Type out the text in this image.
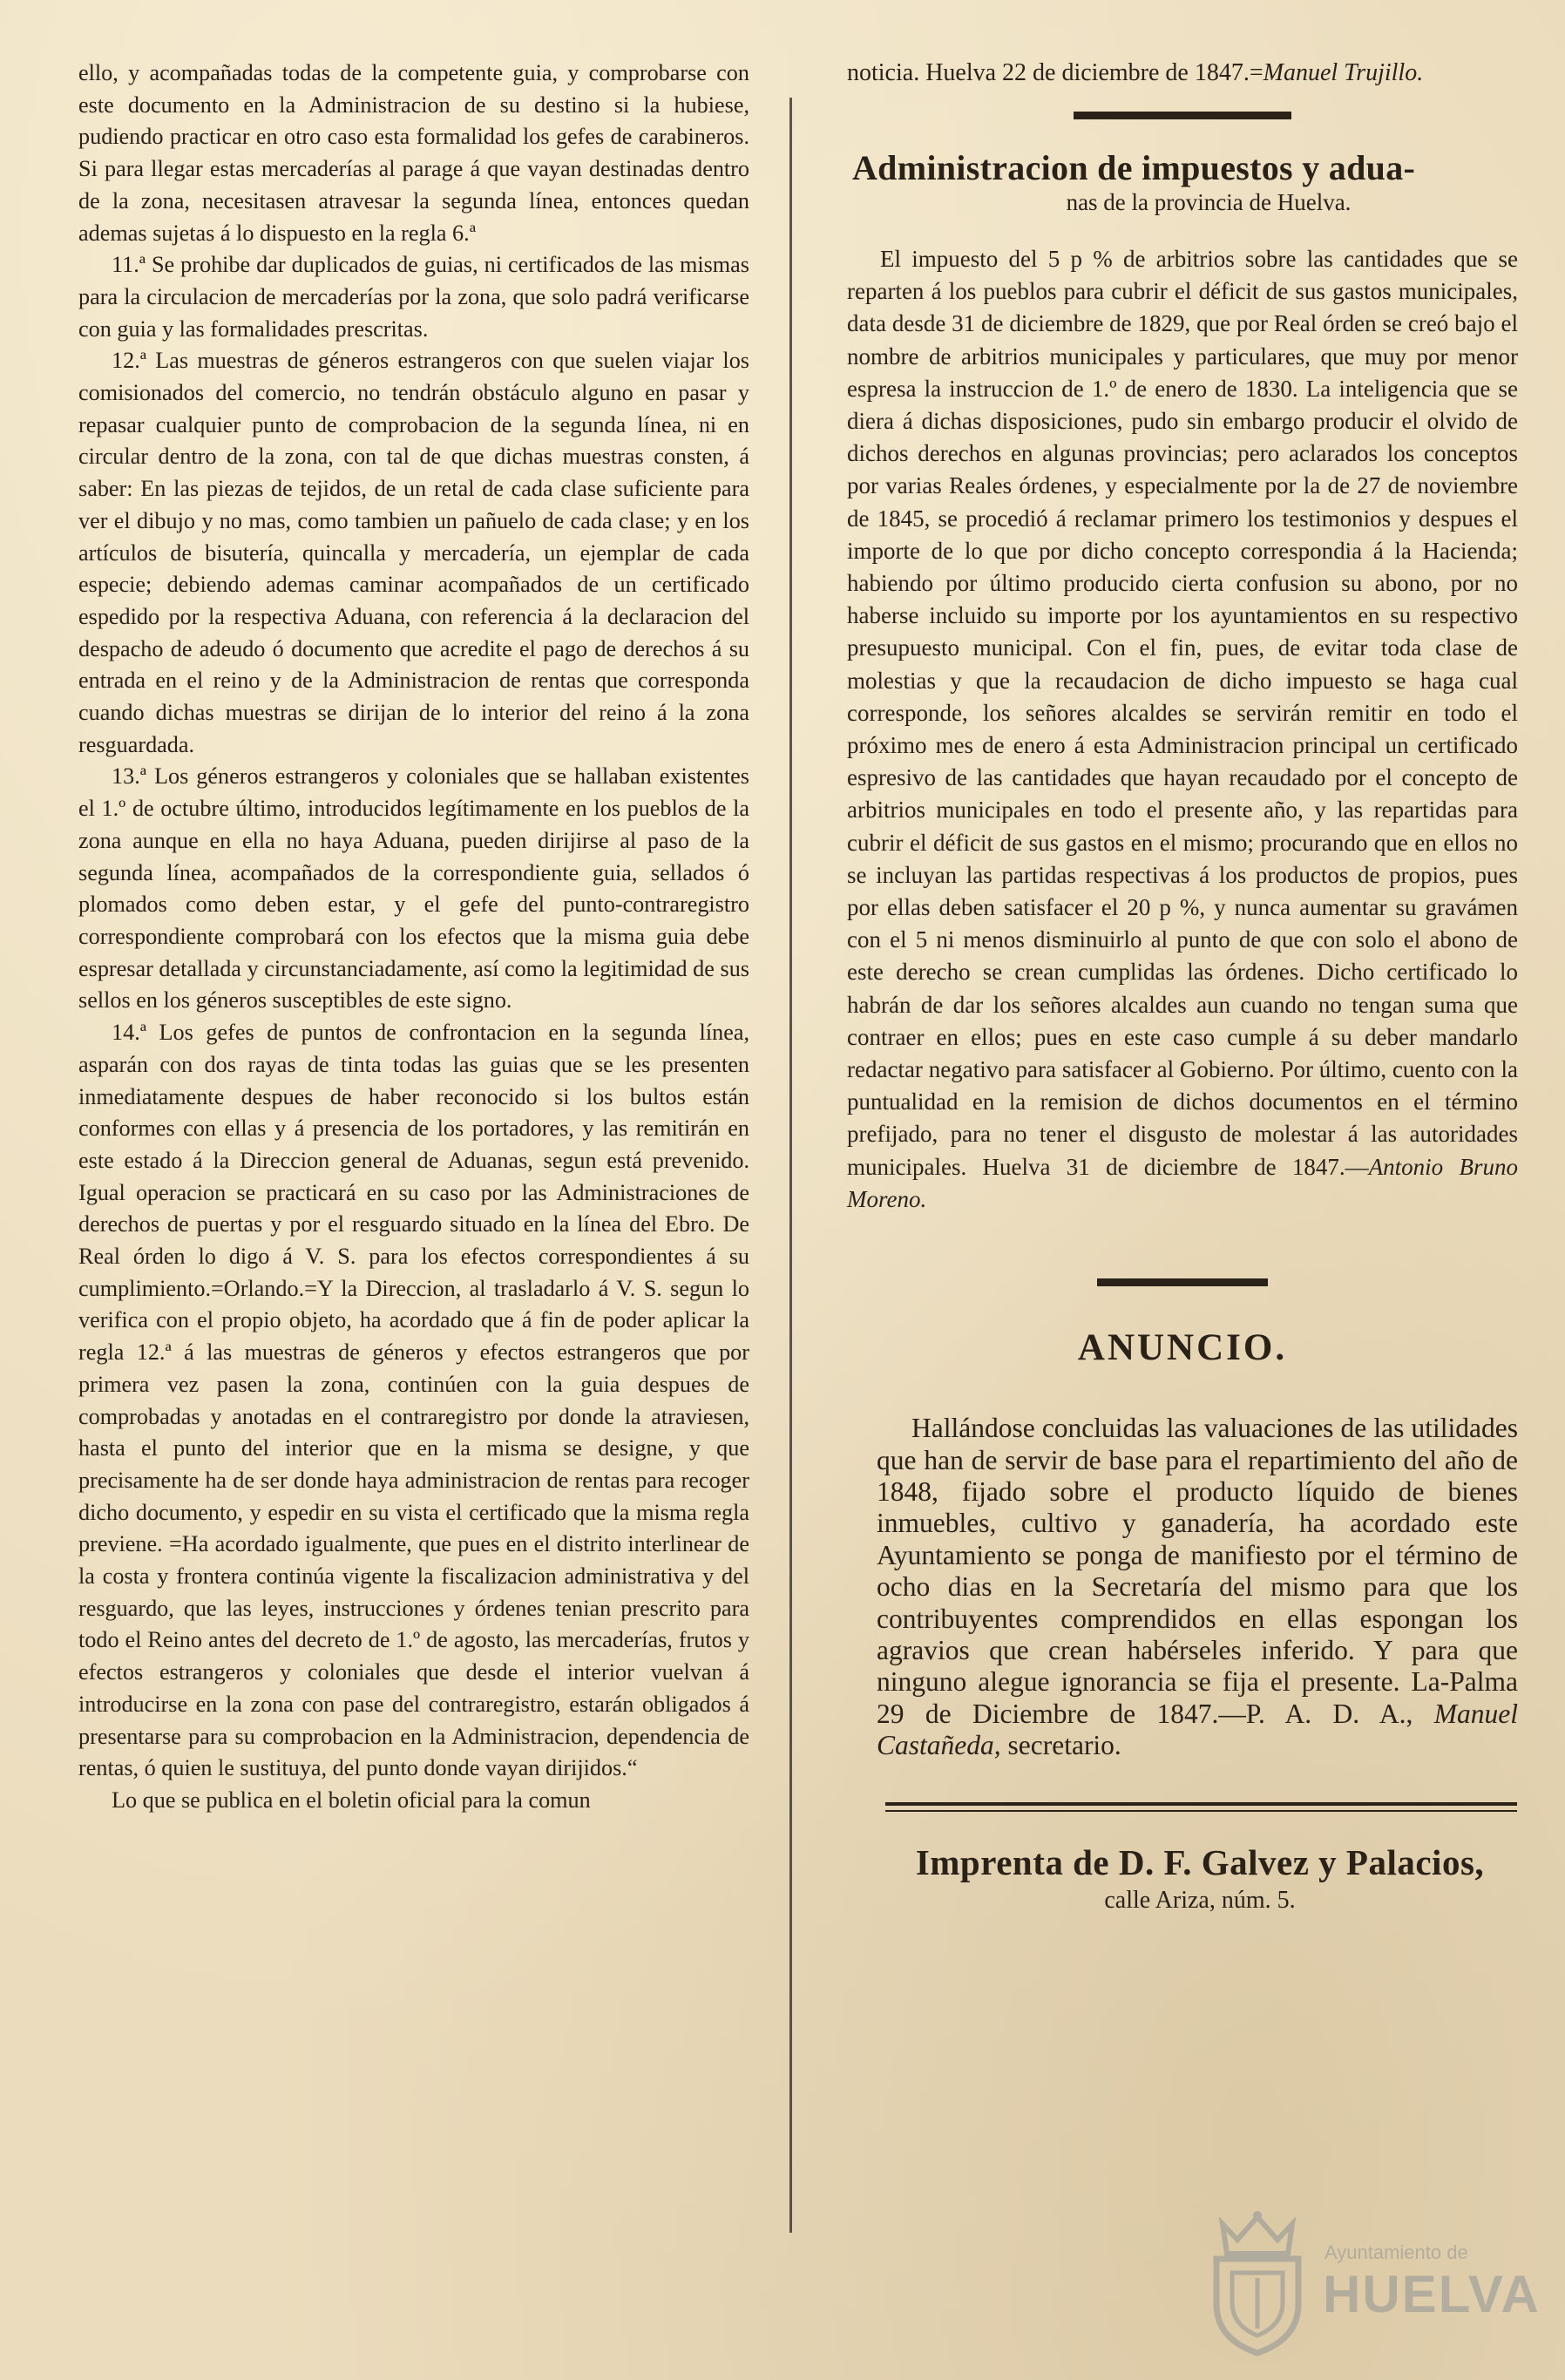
ello, y acompañadas todas de la competente guia, y comprobarse con este documento en la Administracion de su destino si la hubiese, pudiendo practicar en otro caso esta formalidad los gefes de carabineros. Si para llegar estas mercaderías al parage á que vayan destinadas dentro de la zona, necesitasen atravesar la segunda línea, entonces quedan ademas sujetas á lo dispuesto en la regla 6.ª

11.ª Se prohibe dar duplicados de guias, ni certificados de las mismas para la circulacion de mercaderías por la zona, que solo padrá verificarse con guia y las formalidades prescritas.

12.ª Las muestras de géneros estrangeros con que suelen viajar los comisionados del comercio, no tendrán obstáculo alguno en pasar y repasar cualquier punto de comprobacion de la segunda línea, ni en circular dentro de la zona, con tal de que dichas muestras consten, á saber: En las piezas de tejidos, de un retal de cada clase suficiente para ver el dibujo y no mas, como tambien un pañuelo de cada clase; y en los artículos de bisutería, quincalla y mercadería, un ejemplar de cada especie; debiendo ademas caminar acompañados de un certificado espedido por la respectiva Aduana, con referencia á la declaracion del despacho de adeudo ó documento que acredite el pago de derechos á su entrada en el reino y de la Administracion de rentas que corresponda cuando dichas muestras se dirijan de lo interior del reino á la zona resguardada.

13.ª Los géneros estrangeros y coloniales que se hallaban existentes el 1.º de octubre último, introducidos legítimamente en los pueblos de la zona aunque en ella no haya Aduana, pueden dirijirse al paso de la segunda línea, acompañados de la correspondiente guia, sellados ó plomados como deben estar, y el gefe del punto-contraregistro correspondiente comprobará con los efectos que la misma guia debe espresar detallada y circunstanciadamente, así como la legitimidad de sus sellos en los géneros susceptibles de este signo.

14.ª Los gefes de puntos de confrontacion en la segunda línea, asparán con dos rayas de tinta todas las guias que se les presenten inmediatamente despues de haber reconocido si los bultos están conformes con ellas y á presencia de los portadores, y las remitirán en este estado á la Direccion general de Aduanas, segun está prevenido. Igual operacion se practicará en su caso por las Administraciones de derechos de puertas y por el resguardo situado en la línea del Ebro. De Real órden lo digo á V. S. para los efectos correspondientes á su cumplimiento.=Orlando.=Y la Direccion, al trasladarlo á V. S. segun lo verifica con el propio objeto, ha acordado que á fin de poder aplicar la regla 12.ª á las muestras de géneros y efectos estrangeros que por primera vez pasen la zona, continúen con la guia despues de comprobadas y anotadas en el contraregistro por donde la atraviesen, hasta el punto del interior que en la misma se designe, y que precisamente ha de ser donde haya administracion de rentas para recoger dicho documento, y espedir en su vista el certificado que la misma regla previene. =Ha acordado igualmente, que pues en el distrito interlinear de la costa y frontera continúa vigente la fiscalizacion administrativa y del resguardo, que las leyes, instrucciones y órdenes tenian prescrito para todo el Reino antes del decreto de 1.º de agosto, las mercaderías, frutos y efectos estrangeros y coloniales que desde el interior vuelvan á introducirse en la zona con pase del contraregistro, estarán obligados á presentarse para su comprobacion en la Administracion, dependencia de rentas, ó quien le sustituya, del punto donde vayan dirijidos.“

Lo que se publica en el boletin oficial para la comun

noticia. Huelva 22 de diciembre de 1847.=Manuel Trujillo.

Administracion de impuestos y adua-

nas de la provincia de Huelva.

El impuesto del 5 p % de arbitrios sobre las cantidades que se reparten á los pueblos para cubrir el déficit de sus gastos municipales, data desde 31 de diciembre de 1829, que por Real órden se creó bajo el nombre de arbitrios municipales y particulares, que muy por menor espresa la instruccion de 1.º de enero de 1830. La inteligencia que se diera á dichas disposiciones, pudo sin embargo producir el olvido de dichos derechos en algunas provincias; pero aclarados los conceptos por varias Reales órdenes, y especialmente por la de 27 de noviembre de 1845, se procedió á reclamar primero los testimonios y despues el importe de lo que por dicho concepto correspondia á la Hacienda; habiendo por último producido cierta confusion su abono, por no haberse incluido su importe por los ayuntamientos en su respectivo presupuesto municipal. Con el fin, pues, de evitar toda clase de molestias y que la recaudacion de dicho impuesto se haga cual corresponde, los señores alcaldes se servirán remitir en todo el próximo mes de enero á esta Administracion principal un certificado espresivo de las cantidades que hayan recaudado por el concepto de arbitrios municipales en todo el presente año, y las repartidas para cubrir el déficit de sus gastos en el mismo; procurando que en ellos no se incluyan las partidas respectivas á los productos de propios, pues por ellas deben satisfacer el 20 p %, y nunca aumentar su gravámen con el 5 ni menos disminuirlo al punto de que con solo el abono de este derecho se crean cumplidas las órdenes. Dicho certificado lo habrán de dar los señores alcaldes aun cuando no tengan suma que contraer en ellos; pues en este caso cumple á su deber mandarlo redactar negativo para satisfacer al Gobierno. Por último, cuento con la puntualidad en la remision de dichos documentos en el término prefijado, para no tener el disgusto de molestar á las autoridades municipales. Huelva 31 de diciembre de 1847.—Antonio Bruno Moreno.

ANUNCIO.

Hallándose concluidas las valuaciones de las utilidades que han de servir de base para el repartimiento del año de 1848, fijado sobre el producto líquido de bienes inmuebles, cultivo y ganadería, ha acordado este Ayuntamiento se ponga de manifiesto por el término de ocho dias en la Secretaría del mismo para que los contribuyentes comprendidos en ellas espongan los agravios que crean habérseles inferido. Y para que ninguno alegue ignorancia se fija el presente. La-Palma 29 de Diciembre de 1847.—P. A. D. A., Manuel Castañeda, secretario.

Imprenta de D. F. Galvez y Palacios,

calle Ariza, núm. 5.

Ayuntamiento de
HUELVA
